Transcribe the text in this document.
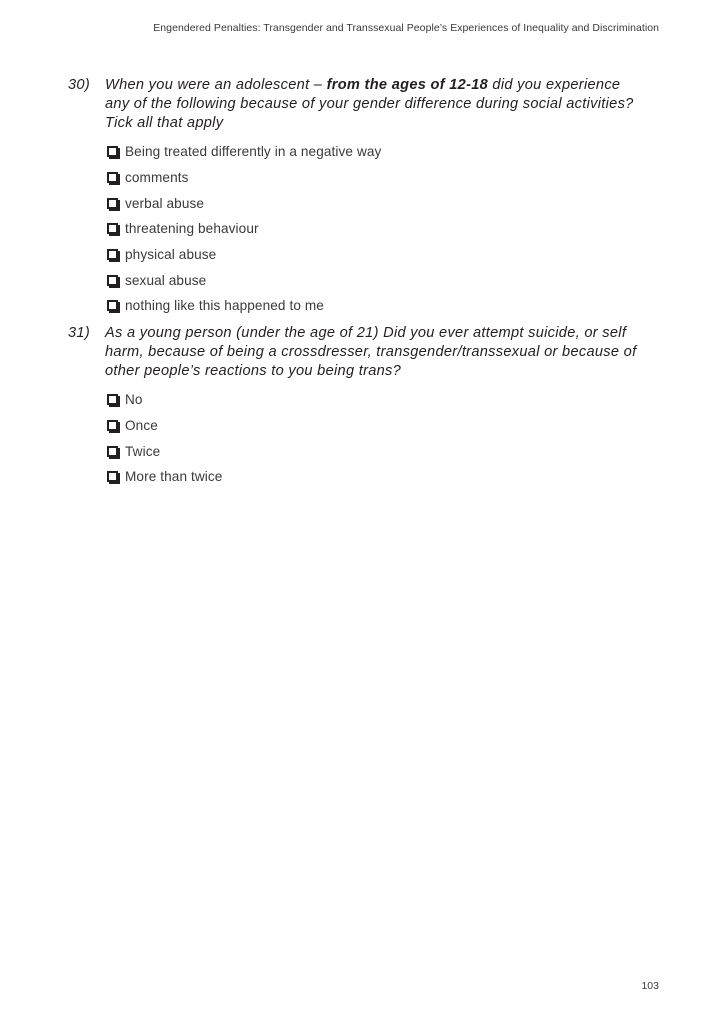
Engendered Penalties: Transgender and Transsexual People’s Experiences of Inequality and Discrimination
30)	When you were an adolescent – from the ages of 12-18 did you experience any of the following because of your gender difference during social activities? Tick all that apply
Being treated differently in a negative way
comments
verbal abuse
threatening behaviour
physical abuse
sexual abuse
nothing like this happened to me
31)	As a young person (under the age of 21) Did you ever attempt suicide, or self harm, because of being a crossdresser, transgender/transsexual or because of other people’s reactions to you being trans?
No
Once
Twice
More than twice
103
